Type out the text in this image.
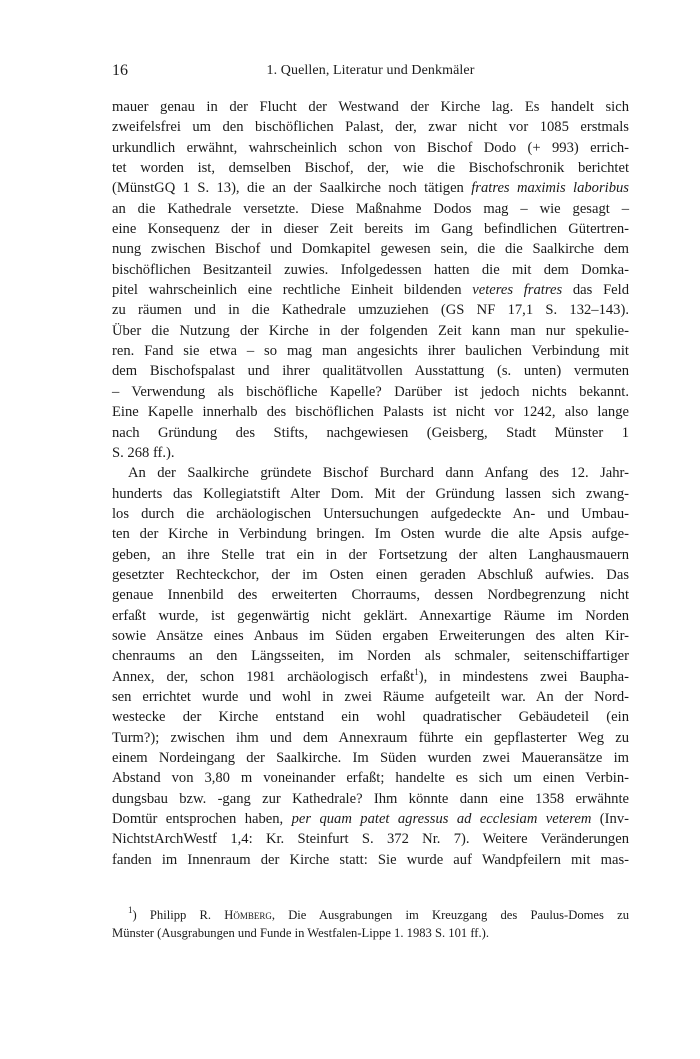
16	1. Quellen, Literatur und Denkmäler
mauer genau in der Flucht der Westwand der Kirche lag. Es handelt sich
zweifelsfrei um den bischöflichen Palast, der, zwar nicht vor 1085 erstmals
urkundlich erwähnt, wahrscheinlich schon von Bischof Dodo (+ 993) errich-
tet worden ist, demselben Bischof, der, wie die Bischofschronik berichtet
(MünstGQ 1 S. 13), die an der Saalkirche noch tätigen fratres maximis laboribus
an die Kathedrale versetzte. Diese Maßnahme Dodos mag – wie gesagt –
eine Konsequenz der in dieser Zeit bereits im Gang befindlichen Gütertren-
nung zwischen Bischof und Domkapitel gewesen sein, die die Saalkirche dem
bischöflichen Besitzanteil zuwies. Infolgedessen hatten die mit dem Domka-
pitel wahrscheinlich eine rechtliche Einheit bildenden veteres fratres das Feld
zu räumen und in die Kathedrale umzuziehen (GS NF 17,1 S. 132–143).
Über die Nutzung der Kirche in der folgenden Zeit kann man nur spekulie-
ren. Fand sie etwa – so mag man angesichts ihrer baulichen Verbindung mit
dem Bischofspalast und ihrer qualitätvollen Ausstattung (s. unten) vermuten
– Verwendung als bischöfliche Kapelle? Darüber ist jedoch nichts bekannt.
Eine Kapelle innerhalb des bischöflichen Palasts ist nicht vor 1242, also lange
nach Gründung des Stifts, nachgewiesen (Geisberg, Stadt Münster 1
S. 268 ff.).
An der Saalkirche gründete Bischof Burchard dann Anfang des 12. Jahr-
hunderts das Kollegiatstift Alter Dom. Mit der Gründung lassen sich zwang-
los durch die archäologischen Untersuchungen aufgedeckte An- und Umbau-
ten der Kirche in Verbindung bringen. Im Osten wurde die alte Apsis aufge-
geben, an ihre Stelle trat ein in der Fortsetzung der alten Langhausmauern
gesetzter Rechteckchor, der im Osten einen geraden Abschluß aufwies. Das
genaue Innenbild des erweiterten Chorraums, dessen Nordbegrenzung nicht
erfaßt wurde, ist gegenwärtig nicht geklärt. Annexartige Räume im Norden
sowie Ansätze eines Anbaus im Süden ergaben Erweiterungen des alten Kir-
chenraums an den Längsseiten, im Norden als schmaler, seitenschiffartiger
Annex, der, schon 1981 archäologisch erfaßt$^1$), in mindestens zwei Baupha-
sen errichtet wurde und wohl in zwei Räume aufgeteilt war. An der Nord-
westecke der Kirche entstand ein wohl quadratischer Gebäudeteil (ein
Turm?); zwischen ihm und dem Annexraum führte ein gepflasterter Weg zu
einem Nordeingang der Saalkirche. Im Süden wurden zwei Maueransätze im
Abstand von 3,80 m voneinander erfaßt; handelte es sich um einen Verbin-
dungsbau bzw. -gang zur Kathedrale? Ihm könnte dann eine 1358 erwähnte
Domtür entsprochen haben, per quam patet agressus ad ecclesiam veterem (Inv-
NichtstArchWestf 1,4: Kr. Steinfurt S. 372 Nr. 7). Weitere Veränderungen
fanden im Innenraum der Kirche statt: Sie wurde auf Wandpfeilern mit mas-
$^1$) Philipp R. Hömberg, Die Ausgrabungen im Kreuzgang des Paulus-Domes zu
Münster (Ausgrabungen und Funde in Westfalen-Lippe 1. 1983 S. 101 ff.).
